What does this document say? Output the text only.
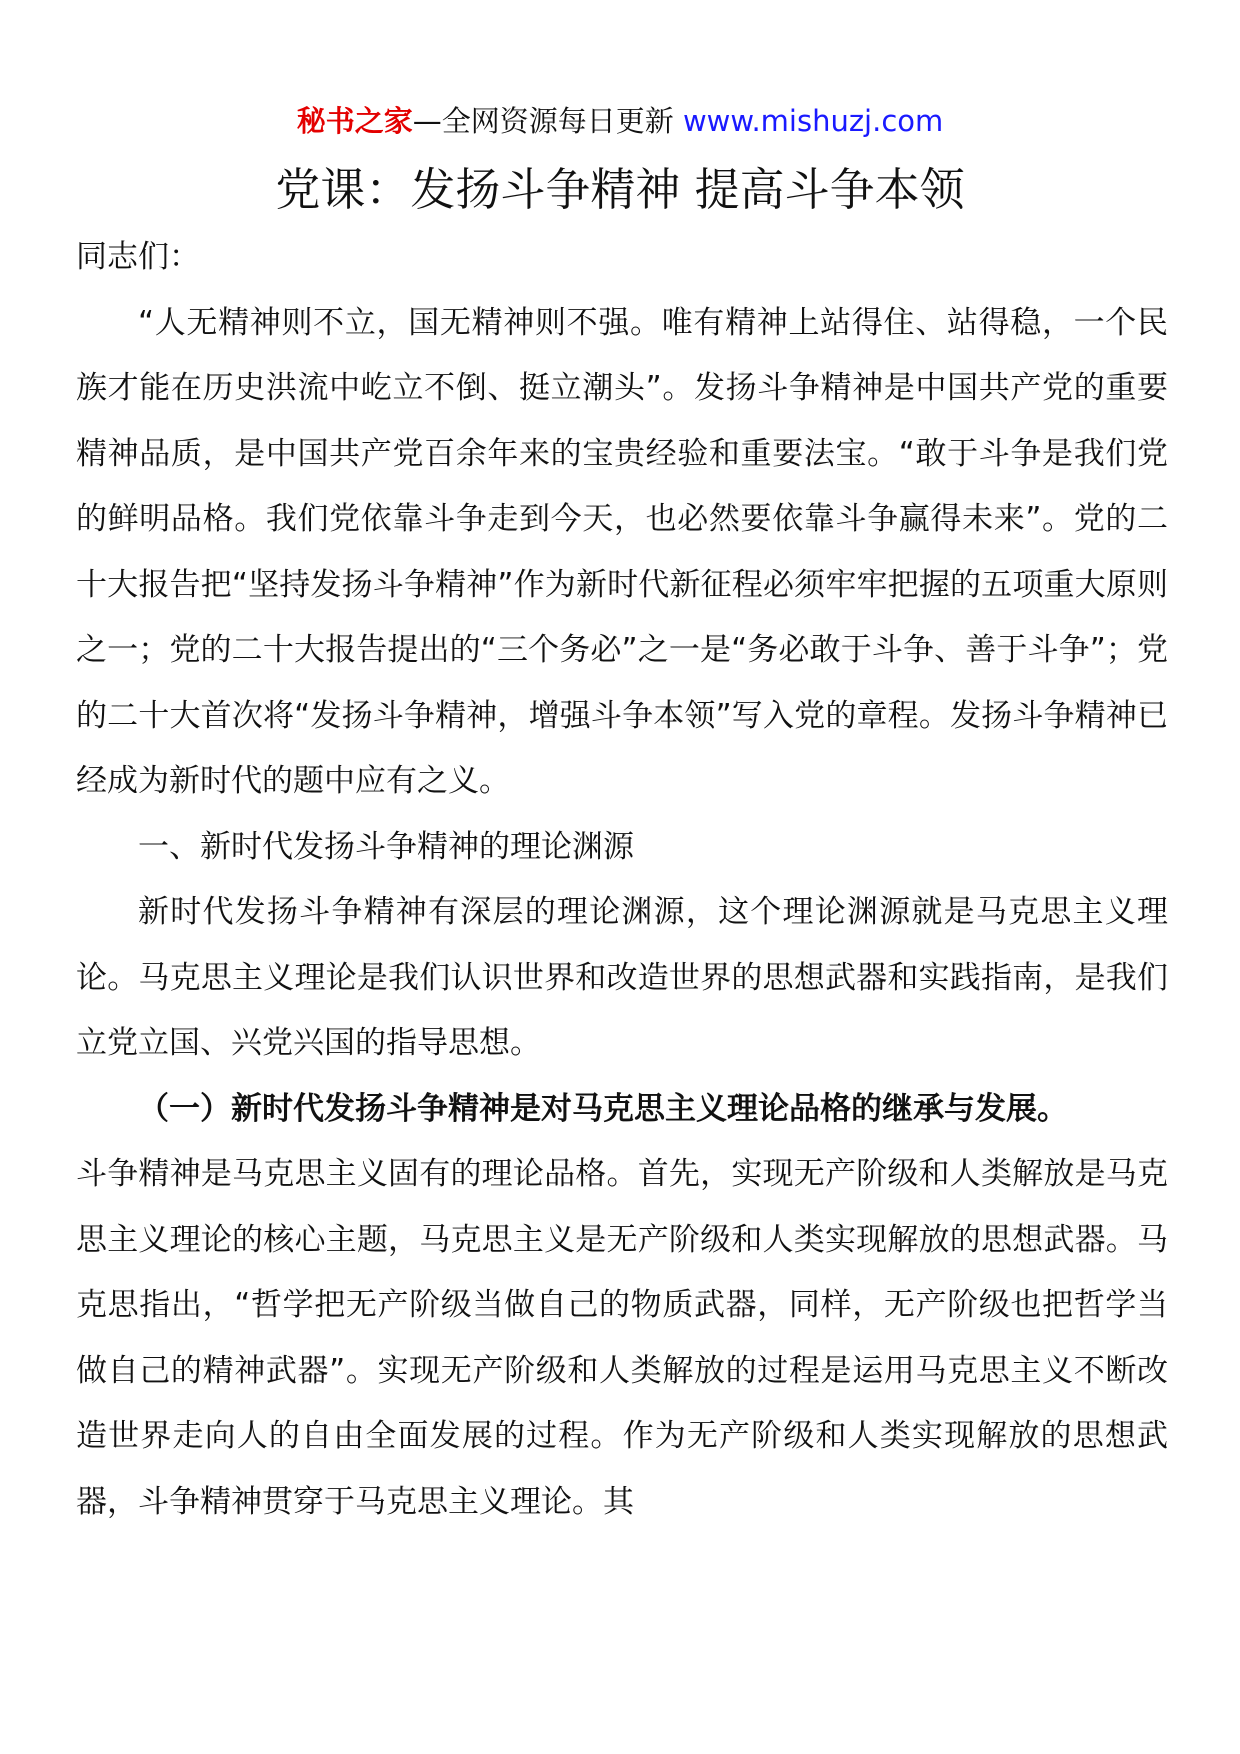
秘书之家—全网资源每日更新 www.mishuzj.com
党课：发扬斗争精神 提高斗争本领

同志们：

“人无精神则不立，国无精神则不强。唯有精神上站得住、站得稳，一个民族才能在历史洪流中屹立不倒、挺立潮头”。发扬斗争精神是中国共产党的重要精神品质，是中国共产党百余年来的宝贵经验和重要法宝。“敢于斗争是我们党的鲜明品格。我们党依靠斗争走到今天，也必然要依靠斗争赢得未来”。党的二十大报告把“坚持发扬斗争精神”作为新时代新征程必须牢牢把握的五项重大原则之一；党的二十大报告提出的“三个务必”之一是“务必敢于斗争、善于斗争”；党的二十大首次将“发扬斗争精神，增强斗争本领”写入党的章程。发扬斗争精神已经成为新时代的题中应有之义。

一、新时代发扬斗争精神的理论渊源

新时代发扬斗争精神有深层的理论渊源，这个理论渊源就是马克思主义理论。马克思主义理论是我们认识世界和改造世界的思想武器和实践指南，是我们立党立国、兴党兴国的指导思想。

（一）新时代发扬斗争精神是对马克思主义理论品格的继承与发展。

斗争精神是马克思主义固有的理论品格。首先，实现无产阶级和人类解放是马克思主义理论的核心主题，马克思主义是无产阶级和人类实现解放的思想武器。马克思指出，“哲学把无产阶级当做自己的物质武器，同样，无产阶级也把哲学当做自己的精神武器”。实现无产阶级和人类解放的过程是运用马克思主义不断改造世界走向人的自由全面发展的过程。作为无产阶级和人类实现解放的思想武器，斗争精神贯穿于马克思主义理论。其
